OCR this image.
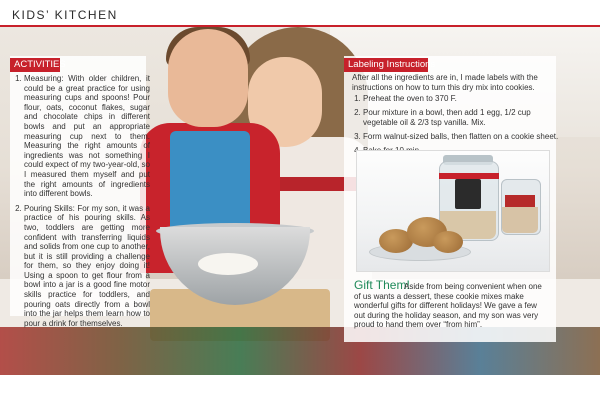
KIDS’ KITCHEN
ACTIVITIES
1. Measuring: With older children, it could be a great practice for using measuring cups and spoons! Pour flour, oats, coconut flakes, sugar and chocolate chips in different bowls and put an appropriate measuring cup next to them. Measuring the right amounts of ingredients was not something I could expect of my two-year-old, so I measured them myself and put the right amounts of ingredients into different bowls.
2. Pouring Skills: For my son, it was a practice of his pouring skills. As two, toddlers are getting more confident with transferring liquids and solids from one cup to another, but it is still providing a challenge for them, so they enjoy doing it! Using a spoon to get flour from a bowl into a jar is a good fine motor skills practice for toddlers, and pouring oats directly from a bowl into the jar helps them learn how to pour a drink for themselves.
Labeling Instructions

After all the ingredients are in, I made labels with the instructions on how to turn this dry mix into cookies.

1. Preheat the oven to 370 F.
2. Pour mixture in a bowl, then add 1 egg, 1/2 cup vegetable oil & 2/3 tsp vanilla. Mix.
3. Form walnut-sized balls, then flatten on a cookie sheet.
4.
Gift Them!

Aside from being convenient when one of us wants a dessert, these cookie mixes make wonderful gifts for different holidays! We gave a few out during the holiday season, and my son was very proud to hand them over “from him”.
